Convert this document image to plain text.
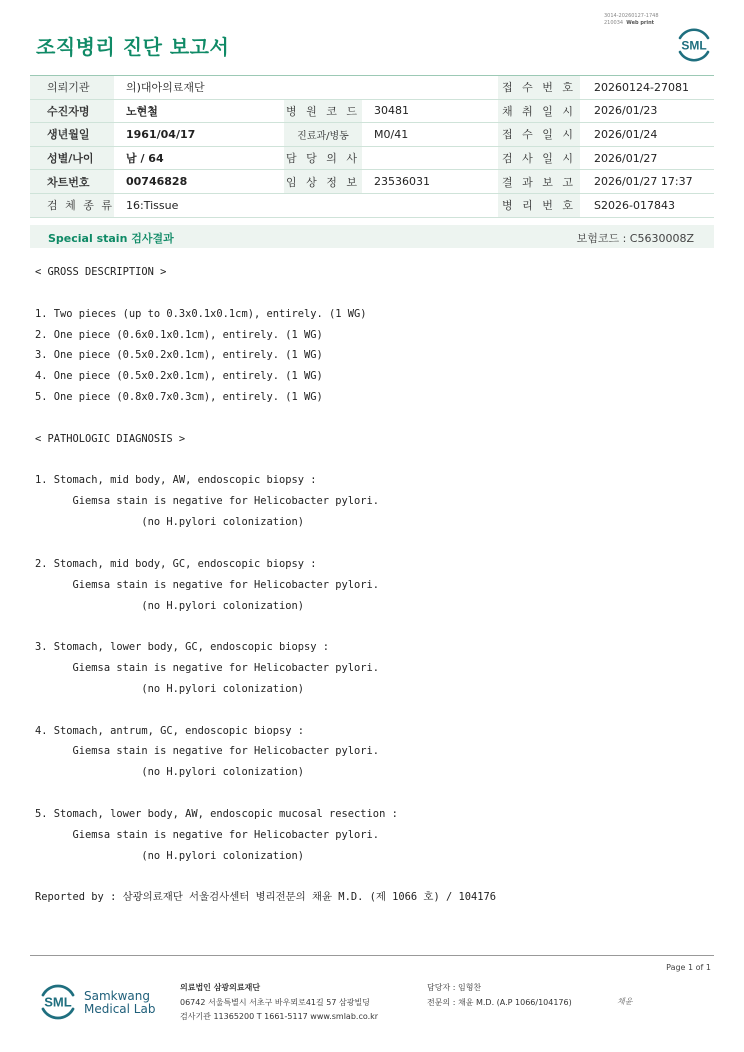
3014-20260127-1748
210034 Web print
조직병리 진단 보고서	SML
의뢰기관	의)대아의료재단			접 수 번 호	20260124-27081
수진자명	노현철	병 원 코 드	30481	채 취 일 시	2026/01/23
생년월일	1961/04/17	진료과/병동	M0/41	접 수 일 시	2026/01/24
성별/나이	남 / 64	담 당 의 사		검 사 일 시	2026/01/27
차트번호	00746828	임 상 정 보	23536031	결 과 보 고	2026/01/27 17:37
검 체 종 류	16:Tissue			병 리 번 호	S2026-017843
Special stain 검사결과	보험코드 : C5630008Z
< GROSS DESCRIPTION >

1. Two pieces (up to 0.3x0.1x0.1cm), entirely. (1 WG)
2. One piece (0.6x0.1x0.1cm), entirely. (1 WG)
3. One piece (0.5x0.2x0.1cm), entirely. (1 WG)
4. One piece (0.5x0.2x0.1cm), entirely. (1 WG)
5. One piece (0.8x0.7x0.3cm), entirely. (1 WG)

< PATHOLOGIC DIAGNOSIS >

1. Stomach, mid body, AW, endoscopic biopsy :
Giemsa stain is negative for Helicobacter pylori.
(no H.pylori colonization)

2. Stomach, mid body, GC, endoscopic biopsy :
Giemsa stain is negative for Helicobacter pylori.
(no H.pylori colonization)

3. Stomach, lower body, GC, endoscopic biopsy :
Giemsa stain is negative for Helicobacter pylori.
(no H.pylori colonization)

4. Stomach, antrum, GC, endoscopic biopsy :
Giemsa stain is negative for Helicobacter pylori.
(no H.pylori colonization)

5. Stomach, lower body, AW, endoscopic mucosal resection :
Giemsa stain is negative for Helicobacter pylori.
(no H.pylori colonization)

Reported by : 삼광의료재단 서울검사센터 병리전문의 채윤 M.D. (제 1066 호) / 104176
Page 1 of 1
SML Samkwang
Medical Lab
의료법인 삼광의료재단
06742 서울특별시 서초구 바우뫼로41길 57 삼광빌딩
검사기관 11365200 T 1661-5117 www.smlab.co.kr
담당자 : 임형찬
전문의 : 채윤 M.D. (A.P 1066/104176)	채윤
